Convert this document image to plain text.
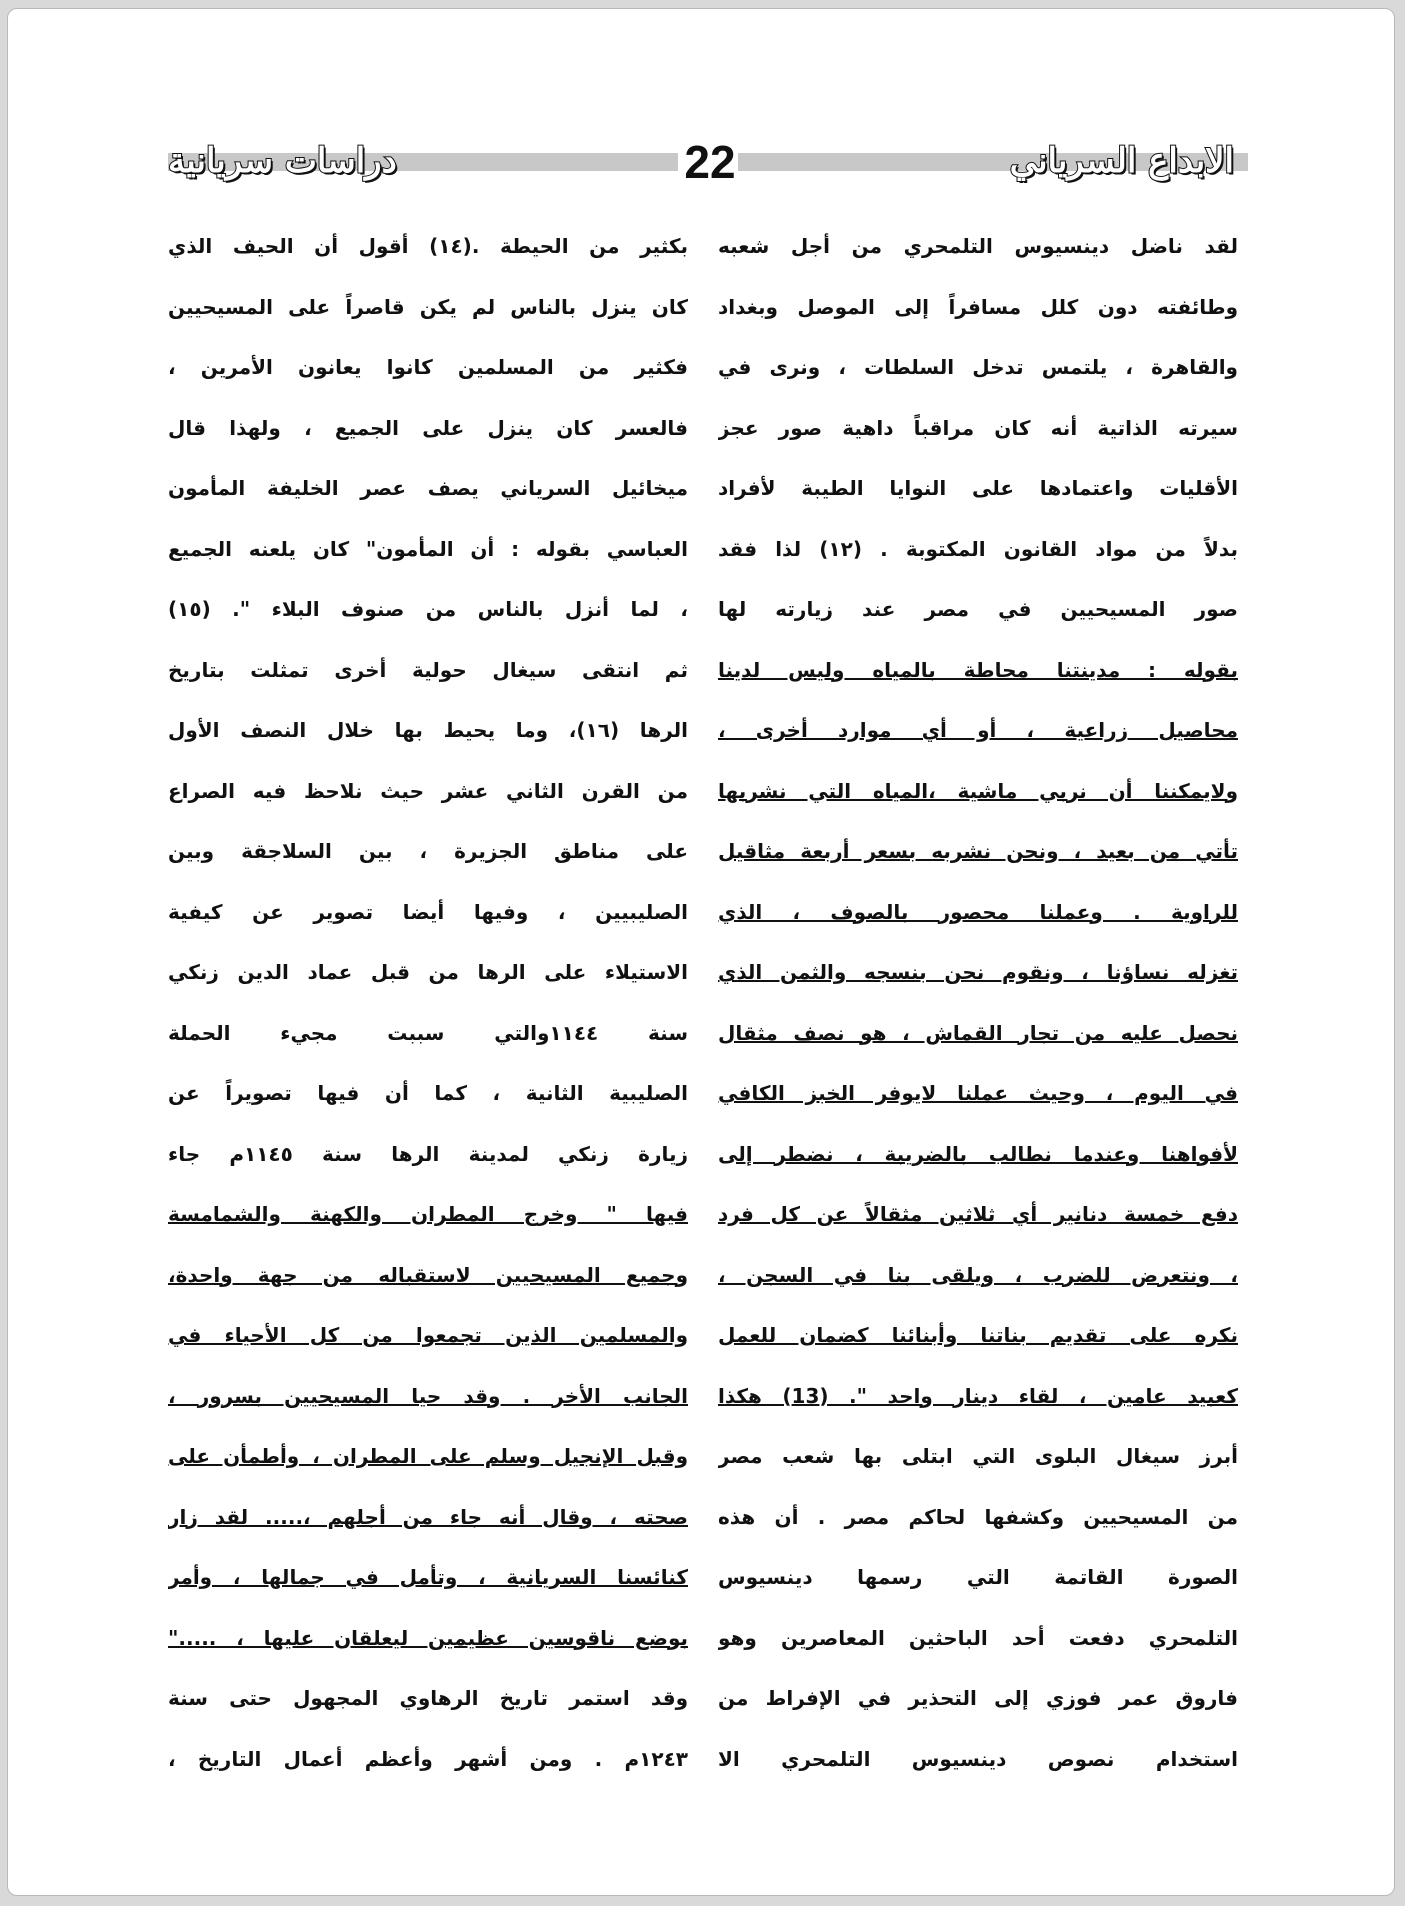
الابداع السرياني
22
دراسات سريانية
لقد ناضل دينسيوس التلمحري من أجل شعبه
وطائفته دون كلل مسافراً إلى الموصل وبغداد
والقاهرة ، يلتمس تدخل السلطات ، ونرى في
سيرته الذاتية أنه كان مراقباً داهية صور عجز
الأقليات واعتمادها على النوايا الطيبة لأفراد
بدلاً من مواد القانون المكتوبة . (١٢) لذا فقد
صور المسيحيين في مصر عند زيارته لها
بقوله : مدينتنا محاطة بالمياه وليس لدينا
محاصيل زراعية ، أو أي موارد أخرى ،
ولايمكننا أن نربي ماشية ،المياه التي نشربها
تأتي من بعيد ، ونحن نشربه بسعر أربعة مثاقيل
للراوية . وعملنا محصور بالصوف ، الذي
تغزله نساؤنا ، ونقوم نحن بنسجه والثمن الذي
نحصل عليه من تجار القماش ، هو نصف مثقال
في اليوم ، وحيث عملنا لايوفر الخبز الكافي
لأفواهنا وعندما نطالب بالضريبة ، نضطر إلى
دفع خمسة دنانير أي ثلاثين مثقالاً عن كل فرد
، ونتعرض للضرب ، ويلقى بنا في السجن ،
نكره على تقديم بناتنا وأبنائنا كضمان للعمل
كعبيد عامين ، لقاء دينار واحد ". (13) هكذا
أبرز سيغال البلوى التي ابتلى بها شعب مصر
من المسيحيين وكشفها لحاكم مصر . أن هذه
الصورة القاتمة التي رسمها دينسيوس
التلمحري دفعت أحد الباحثين المعاصرين وهو
فاروق عمر فوزي إلى التحذير في الإفراط من
استخدام نصوص دينسيوس التلمحري الا
بكثير من الحيطة .(١٤) أقول أن الحيف الذي
كان ينزل بالناس لم يكن قاصراً على المسيحيين
فكثير من المسلمين كانوا يعانون الأمرين ،
فالعسر كان ينزل على الجميع ، ولهذا قال
ميخائيل السرياني يصف عصر الخليفة المأمون
العباسي بقوله : أن المأمون" كان يلعنه الجميع
، لما أنزل بالناس من صنوف البلاء ". (١٥)
ثم انتقى سيغال حولية أخرى تمثلت بتاريخ
الرها (١٦)، وما يحيط بها خلال النصف الأول
من القرن الثاني عشر حيث نلاحظ فيه الصراع
على مناطق الجزيرة ، بين السلاجقة وبين
الصليبيين ، وفيها أيضا تصوير عن كيفية
الاستيلاء على الرها من قبل عماد الدين زنكي
سنة ١١٤٤والتي سببت مجيء الحملة
الصليبية الثانية ، كما أن فيها تصويراً عن
زيارة زنكي لمدينة الرها سنة ١١٤٥م جاء
فيها " وخرج المطران والكهنة والشمامسة
وجميع المسيحيين لاستقباله من جهة واحدة،
والمسلمين الذين تجمعوا من كل الأحياء في
الجانب الأخر . وقد حيا المسيحيين بسرور ،
وقبل الإنجيل وسلم على المطران ، وأطمأن على
صحته ، وقال أنه جاء من أجلهم ،..... لقد زار
كنائسنا السريانية ، وتأمل في جمالها ، وأمر
بوضع ناقوسين عظيمين ليعلقان عليها ، ....."
وقد استمر تاريخ الرهاوي المجهول حتى سنة
١٢٤٣م . ومن أشهر وأعظم أعمال التاريخ ،
